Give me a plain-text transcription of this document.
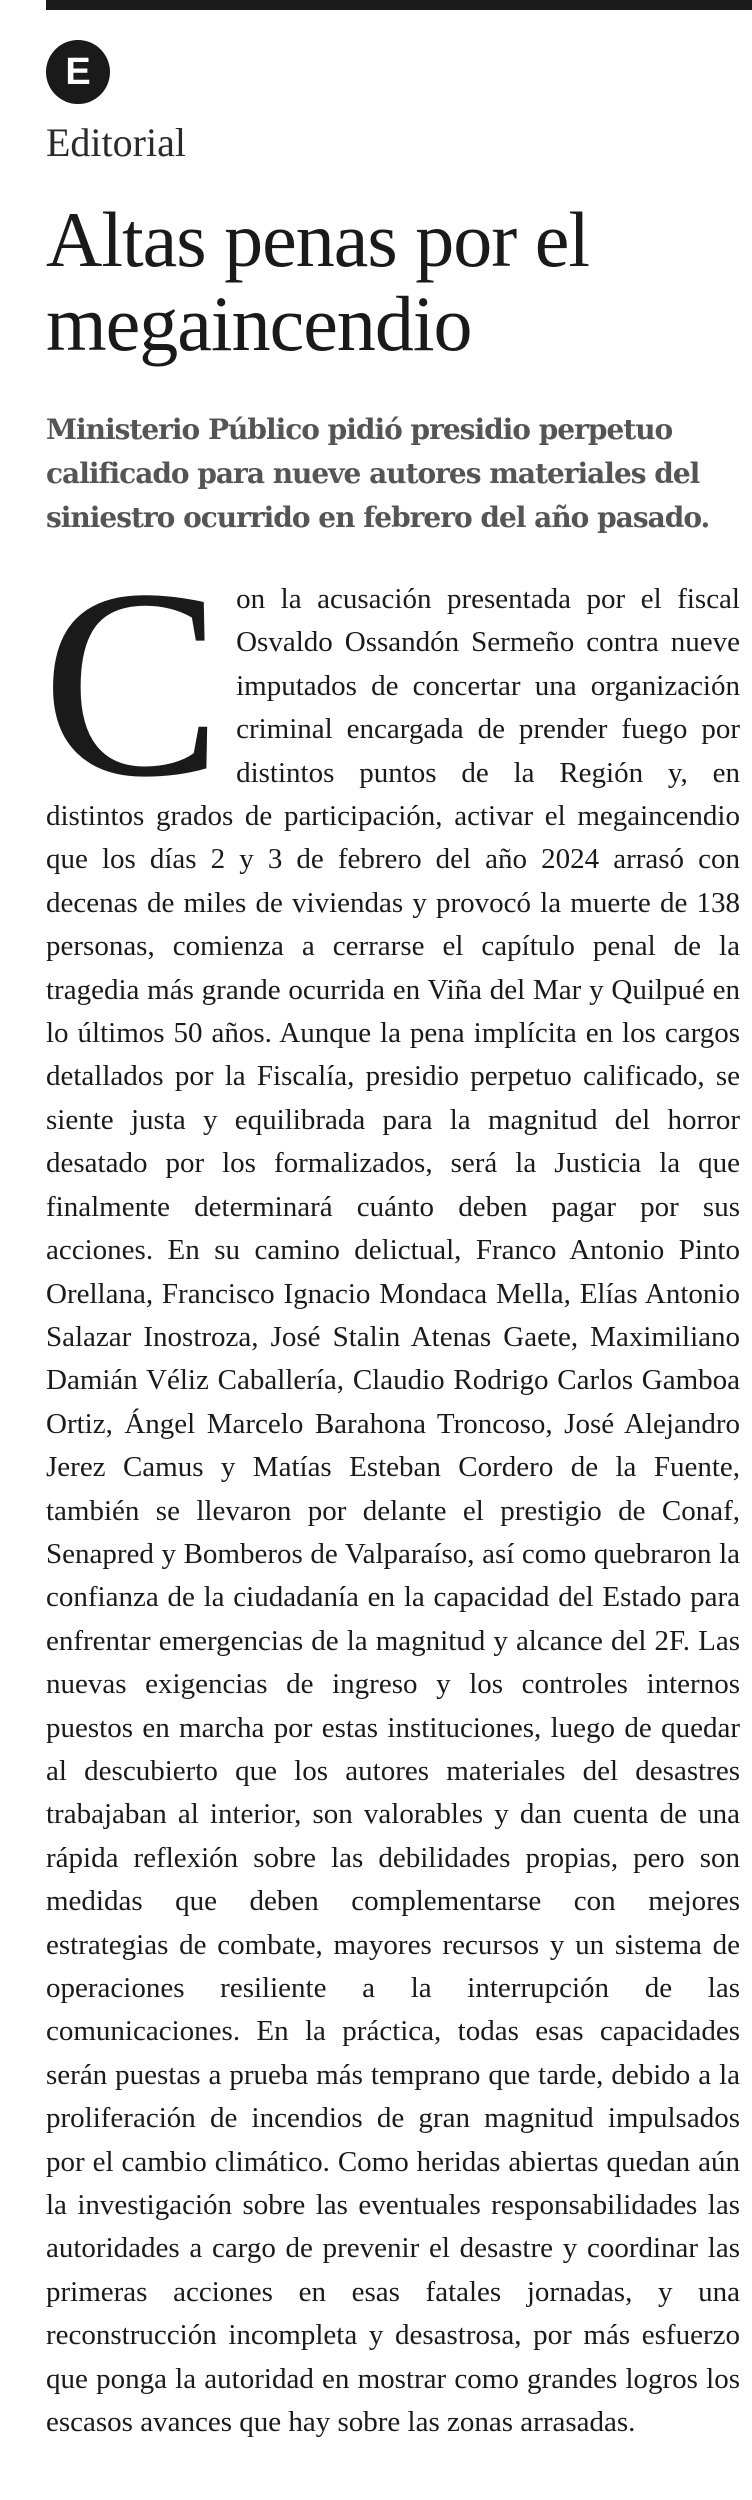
E
Editorial
Altas penas por el megaincendio

Ministerio Público pidió presidio perpetuo calificado para nueve autores materiales del siniestro ocurrido en febrero del año pasado.

C on la acusación presentada por el fiscal Osvaldo Ossandón Sermeño contra nueve imputados de concertar una organización criminal encargada de prender fuego por distintos puntos de la Región y, en distintos grados de participación, activar el megaincendio que los días 2 y 3 de febrero del año 2024 arrasó con decenas de miles de viviendas y provocó la muerte de 138 personas, comienza a cerrarse el capítulo penal de la tragedia más grande ocurrida en Viña del Mar y Quilpué en lo últimos 50 años. Aunque la pena implícita en los cargos detallados por la Fiscalía, presidio perpetuo calificado, se siente justa y equilibrada para la magnitud del horror desatado por los formalizados, será la Justicia la que finalmente determinará cuánto deben pagar por sus acciones. En su camino delictual, Franco Antonio Pinto Orellana, Francisco Ignacio Mondaca Mella, Elías Antonio Salazar Inostroza, José Stalin Atenas Gaete, Maximiliano Damián Véliz Caballería, Claudio Rodrigo Carlos Gamboa Ortiz, Ángel Marcelo Barahona Troncoso, José Alejandro Jerez Camus y Matías Esteban Cordero de la Fuente, también se llevaron por delante el prestigio de Conaf, Senapred y Bomberos de Valparaíso, así como quebraron la confianza de la ciudadanía en la capacidad del Estado para enfrentar emergencias de la magnitud y alcance del 2F. Las nuevas exigencias de ingreso y los controles internos puestos en marcha por estas instituciones, luego de quedar al descubierto que los autores materiales del desastres trabajaban al interior, son valorables y dan cuenta de una rápida reflexión sobre las debilidades propias, pero son medidas que deben complementarse con mejores estrategias de combate, mayores recursos y un sistema de operaciones resiliente a la interrupción de las comunicaciones. En la práctica, todas esas capacidades serán puestas a prueba más temprano que tarde, debido a la proliferación de incendios de gran magnitud impulsados por el cambio climático. Como heridas abiertas quedan aún la investigación sobre las eventuales responsabilidades las autoridades a cargo de prevenir el desastre y coordinar las primeras acciones en esas fatales jornadas, y una reconstrucción incompleta y desastrosa, por más esfuerzo que ponga la autoridad en mostrar como grandes logros los escasos avances que hay sobre las zonas arrasadas.
